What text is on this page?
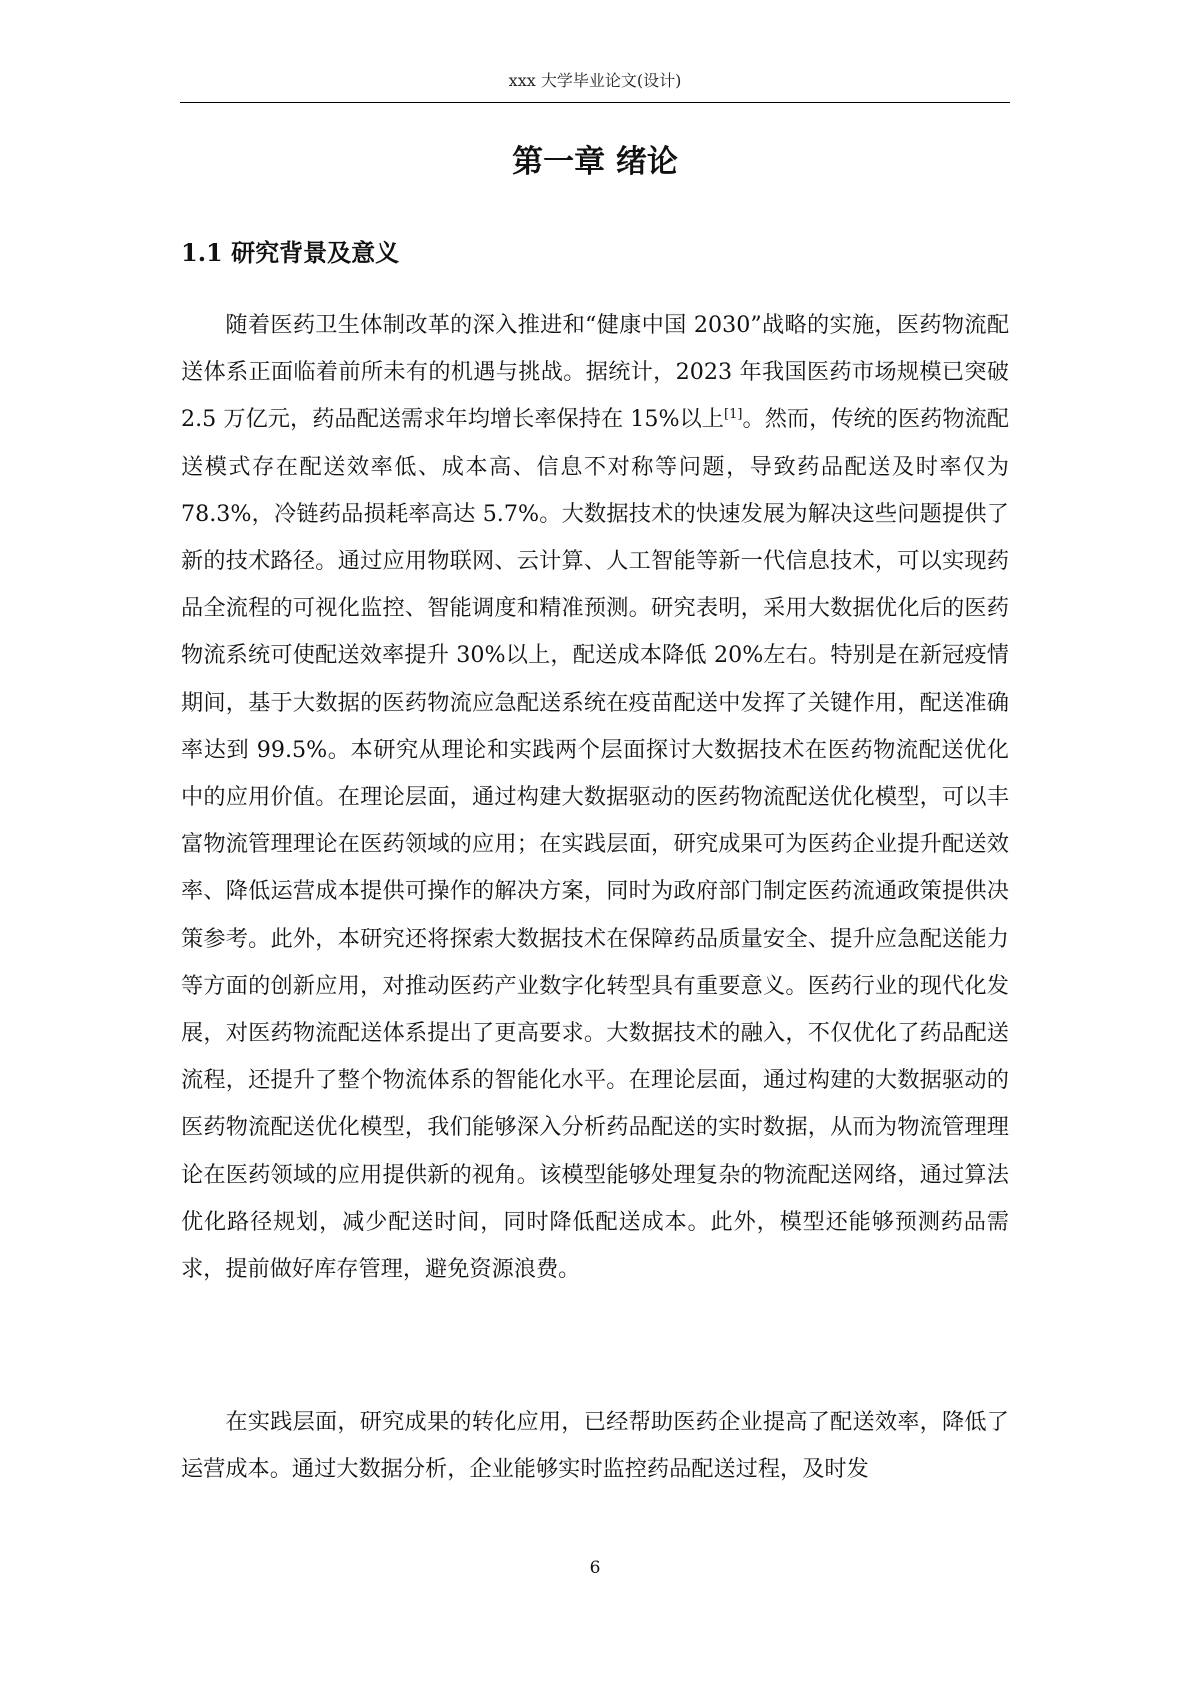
xxx 大学毕业论文(设计)
第一章 绪论
1.1 研究背景及意义

随着医药卫生体制改革的深入推进和“健康中国 2030”战略的实施，医药物流配送体系正面临着前所未有的机遇与挑战。据统计，2023 年我国医药市场规模已突破 2.5 万亿元，药品配送需求年均增长率保持在 15%以上[1]。然而，传统的医药物流配送模式存在配送效率低、成本高、信息不对称等问题，导致药品配送及时率仅为 78.3%，冷链药品损耗率高达 5.7%。大数据技术的快速发展为解决这些问题提供了新的技术路径。通过应用物联网、云计算、人工智能等新一代信息技术，可以实现药品全流程的可视化监控、智能调度和精准预测。研究表明，采用大数据优化后的医药物流系统可使配送效率提升 30%以上，配送成本降低 20%左右。特别是在新冠疫情期间，基于大数据的医药物流应急配送系统在疫苗配送中发挥了关键作用，配送准确率达到 99.5%。本研究从理论和实践两个层面探讨大数据技术在医药物流配送优化中的应用价值。在理论层面，通过构建大数据驱动的医药物流配送优化模型，可以丰富物流管理理论在医药领域的应用；在实践层面，研究成果可为医药企业提升配送效率、降低运营成本提供可操作的解决方案，同时为政府部门制定医药流通政策提供决策参考。此外，本研究还将探索大数据技术在保障药品质量安全、提升应急配送能力等方面的创新应用，对推动医药产业数字化转型具有重要意义。医药行业的现代化发展，对医药物流配送体系提出了更高要求。大数据技术的融入，不仅优化了药品配送流程，还提升了整个物流体系的智能化水平。在理论层面，通过构建的大数据驱动的医药物流配送优化模型，我们能够深入分析药品配送的实时数据，从而为物流管理理论在医药领域的应用提供新的视角。该模型能够处理复杂的物流配送网络，通过算法优化路径规划，减少配送时间，同时降低配送成本。此外，模型还能够预测药品需求，提前做好库存管理，避免资源浪费。

在实践层面，研究成果的转化应用，已经帮助医药企业提高了配送效率，降低了运营成本。通过大数据分析，企业能够实时监控药品配送过程，及时发

6
